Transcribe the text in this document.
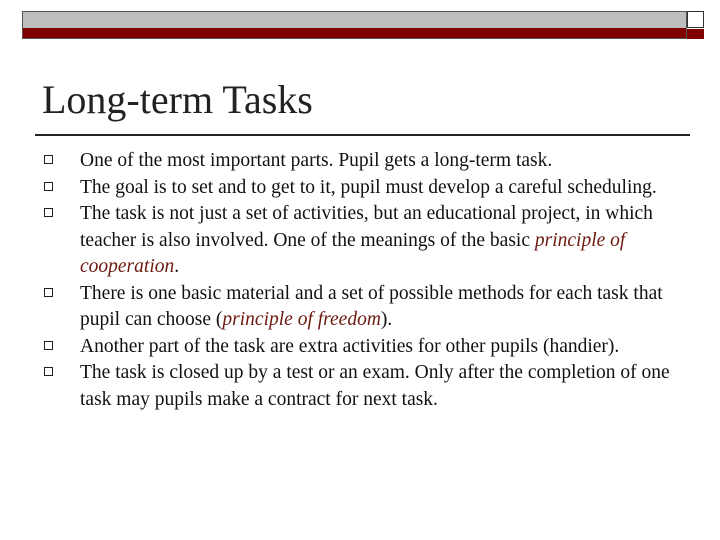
Long-term Tasks
One of the most important parts. Pupil gets a long-term task.
The goal is to set and to get to it, pupil must develop a careful scheduling.
The task is not just a set of activities, but an educational project, in which teacher is also involved. One of the meanings of the basic principle of cooperation.
There is one basic material and a set of possible methods for each task that pupil can choose (principle of freedom).
Another part of the task are extra activities for other pupils (handier).
The task is closed up by a test or an exam. Only after the completion of one task may pupils make a contract for next task.
